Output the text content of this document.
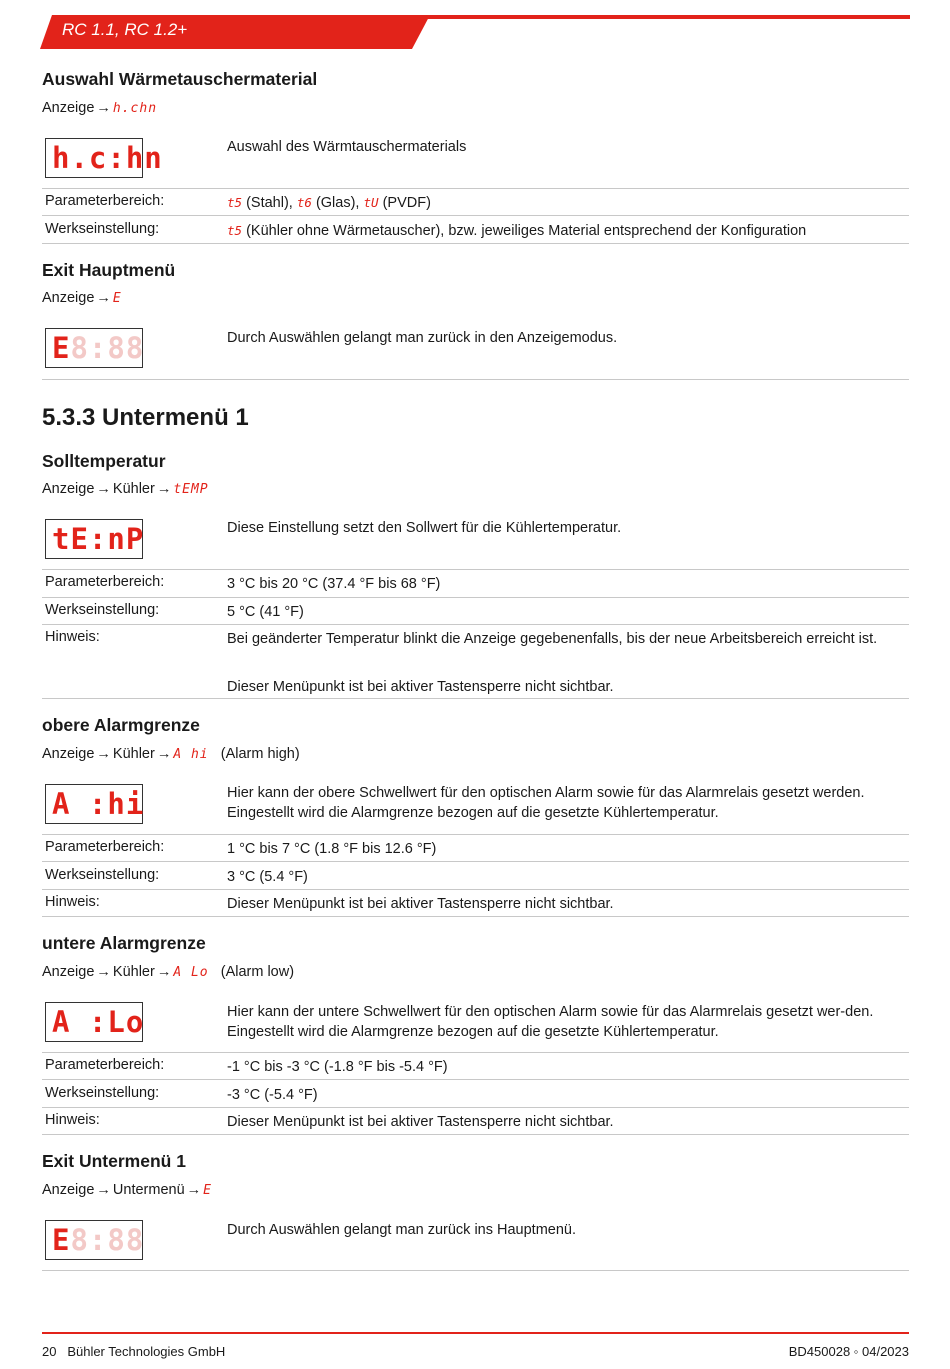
RC 1.1, RC 1.2+
Auswahl Wärmetauschermaterial
Anzeige → h.chn
h.c:hn	Auswahl des Wärmtauschermaterials
Parameterbereich:	t5 (Stahl), t6 (Glas), tU (PVDF)
Werkseinstellung:	t5 (Kühler ohne Wärmetauscher), bzw. jeweiliges Material entsprechend der Konfiguration
Exit Hauptmenü
Anzeige → E
E8:88	Durch Auswählen gelangt man zurück in den Anzeigemodus.
5.3.3 Untermenü 1
Solltemperatur
Anzeige → Kühler → tEMP
tE:nP	Diese Einstellung setzt den Sollwert für die Kühlertemperatur.
Parameterbereich:	3 °C bis 20 °C (37.4 °F bis 68 °F)
Werkseinstellung:	5 °C (41 °F)
Hinweis:	Bei geänderter Temperatur blinkt die Anzeige gegebenenfalls, bis der neue Arbeitsbereich erreicht ist.
Dieser Menüpunkt ist bei aktiver Tastensperre nicht sichtbar.
obere Alarmgrenze
Anzeige → Kühler → A hi (Alarm high)
A :hi	Hier kann der obere Schwellwert für den optischen Alarm sowie für das Alarmrelais gesetzt werden. Eingestellt wird die Alarmgrenze bezogen auf die gesetzte Kühlertemperatur.
Parameterbereich:	1 °C bis 7 °C (1.8 °F bis 12.6 °F)
Werkseinstellung:	3 °C (5.4 °F)
Hinweis:	Dieser Menüpunkt ist bei aktiver Tastensperre nicht sichtbar.
untere Alarmgrenze
Anzeige → Kühler → A Lo (Alarm low)
A :Lo	Hier kann der untere Schwellwert für den optischen Alarm sowie für das Alarmrelais gesetzt wer-den. Eingestellt wird die Alarmgrenze bezogen auf die gesetzte Kühlertemperatur.
Parameterbereich:	-1 °C bis -3 °C (-1.8 °F bis -5.4 °F)
Werkseinstellung:	-3 °C (-5.4 °F)
Hinweis:	Dieser Menüpunkt ist bei aktiver Tastensperre nicht sichtbar.
Exit Untermenü 1
Anzeige → Untermenü → E
E8:88	Durch Auswählen gelangt man zurück ins Hauptmenü.
20 Bühler Technologies GmbH	BD450028 ◦ 04/2023
